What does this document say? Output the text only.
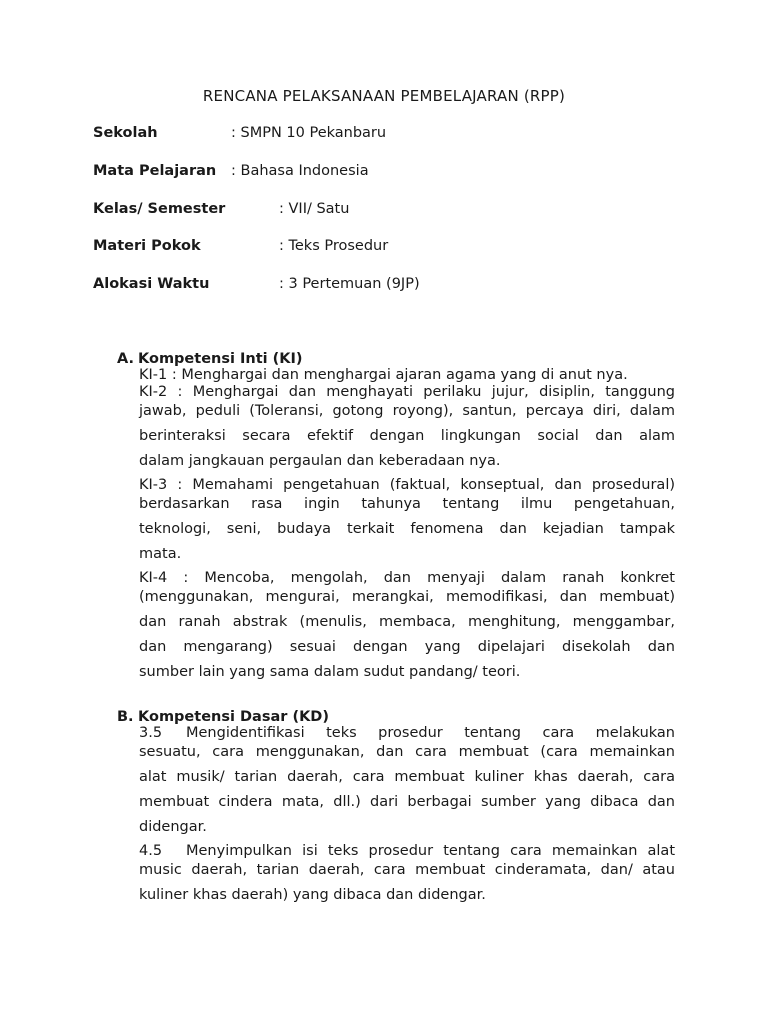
RENCANA PELAKSANAAN PEMBELAJARAN (RPP)
Sekolah	: SMPN 10 Pekanbaru
Mata Pelajaran : Bahasa Indonesia
Kelas/ Semester	: VII/ Satu
Materi Pokok	: Teks Prosedur
Alokasi Waktu	: 3 Pertemuan (9JP)
A. Kompetensi Inti (KI)
KI-1 : Menghargai dan menghargai ajaran agama yang di anut nya.
KI-2 : Menghargai dan menghayati perilaku jujur, disiplin, tanggung
jawab, peduli (Toleransi, gotong royong), santun, percaya diri, dalam
berinteraksi secara efektif dengan lingkungan social dan alam
dalam jangkauan pergaulan dan keberadaan nya.
KI-3 : Memahami pengetahuan (faktual, konseptual, dan prosedural)
berdasarkan rasa ingin tahunya tentang ilmu pengetahuan,
teknologi, seni, budaya terkait fenomena dan kejadian tampak
mata.
KI-4 : Mencoba, mengolah, dan menyaji dalam ranah konkret
(menggunakan, mengurai, merangkai, memodifikasi, dan membuat)
dan ranah abstrak (menulis, membaca, menghitung, menggambar,
dan mengarang) sesuai dengan yang dipelajari disekolah dan
sumber lain yang sama dalam sudut pandang/ teori.
B. Kompetensi Dasar (KD)
3.5 Mengidentifikasi teks prosedur tentang cara melakukan
sesuatu, cara menggunakan, dan cara membuat (cara memainkan
alat musik/ tarian daerah, cara membuat kuliner khas daerah, cara
membuat cindera mata, dll.) dari berbagai sumber yang dibaca dan
didengar.
4.5 Menyimpulkan isi teks prosedur tentang cara memainkan alat
music daerah, tarian daerah, cara membuat cinderamata, dan/ atau
kuliner khas daerah) yang dibaca dan didengar.
